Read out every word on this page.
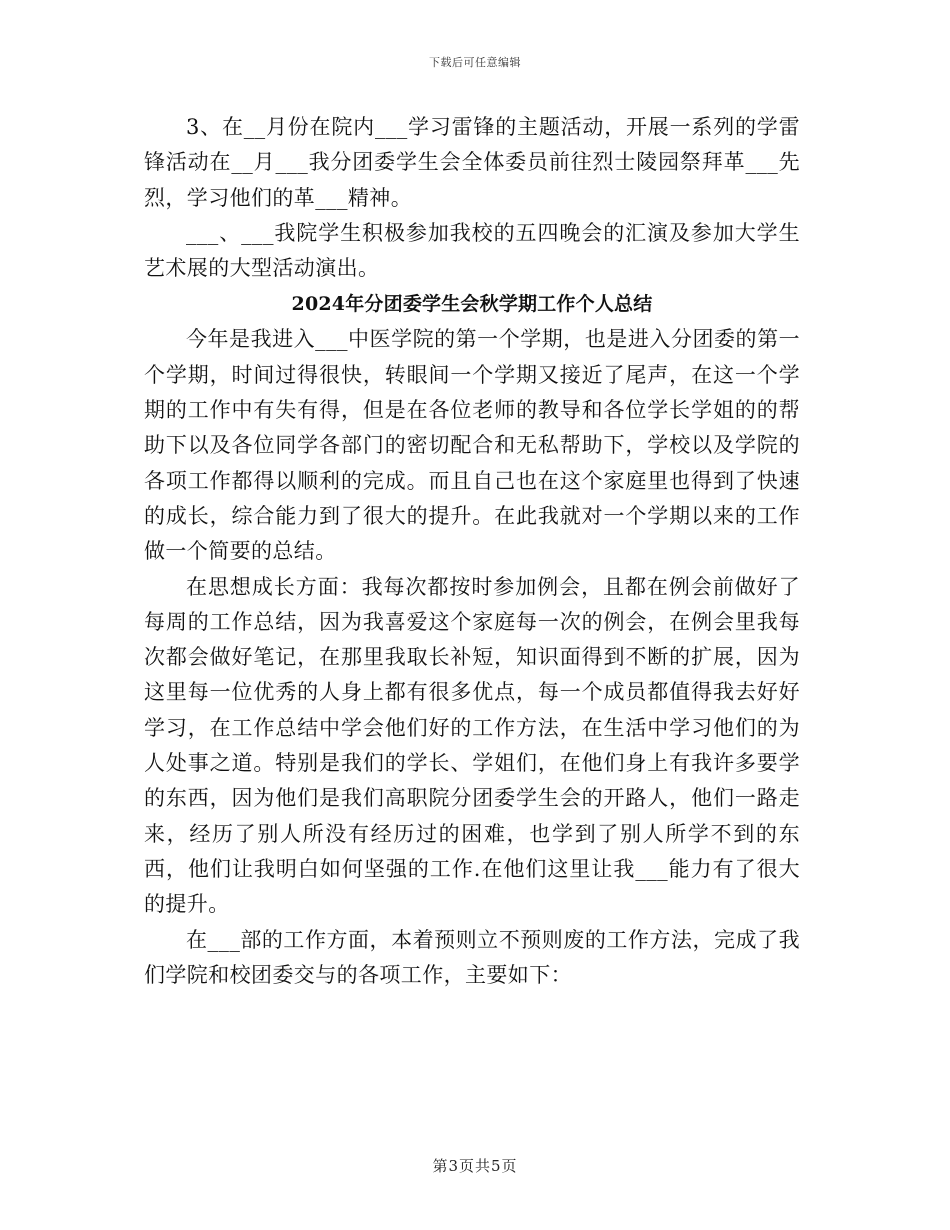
下载后可任意编辑

3、在__月份在院内___学习雷锋的主题活动，开展一系列的学雷锋活动在__月___我分团委学生会全体委员前往烈士陵园祭拜革___先烈，学习他们的革___精神。

___、___我院学生积极参加我校的五四晚会的汇演及参加大学生艺术展的大型活动演出。

2024年分团委学生会秋学期工作个人总结

今年是我进入___中医学院的第一个学期，也是进入分团委的第一个学期，时间过得很快，转眼间一个学期又接近了尾声，在这一个学期的工作中有失有得，但是在各位老师的教导和各位学长学姐的的帮助下以及各位同学各部门的密切配合和无私帮助下，学校以及学院的各项工作都得以顺利的完成。而且自己也在这个家庭里也得到了快速的成长，综合能力到了很大的提升。在此我就对一个学期以来的工作做一个简要的总结。

在思想成长方面：我每次都按时参加例会，且都在例会前做好了每周的工作总结，因为我喜爱这个家庭每一次的例会，在例会里我每次都会做好笔记，在那里我取长补短，知识面得到不断的扩展，因为这里每一位优秀的人身上都有很多优点，每一个成员都值得我去好好学习，在工作总结中学会他们好的工作方法，在生活中学习他们的为人处事之道。特别是我们的学长、学姐们，在他们身上有我许多要学的东西，因为他们是我们高职院分团委学生会的开路人，他们一路走来，经历了别人所没有经历过的困难，也学到了别人所学不到的东西，他们让我明白如何坚强的工作.在他们这里让我___能力有了很大的提升。

在___部的工作方面，本着预则立不预则废的工作方法，完成了我们学院和校团委交与的各项工作，主要如下：

第3页共5页
